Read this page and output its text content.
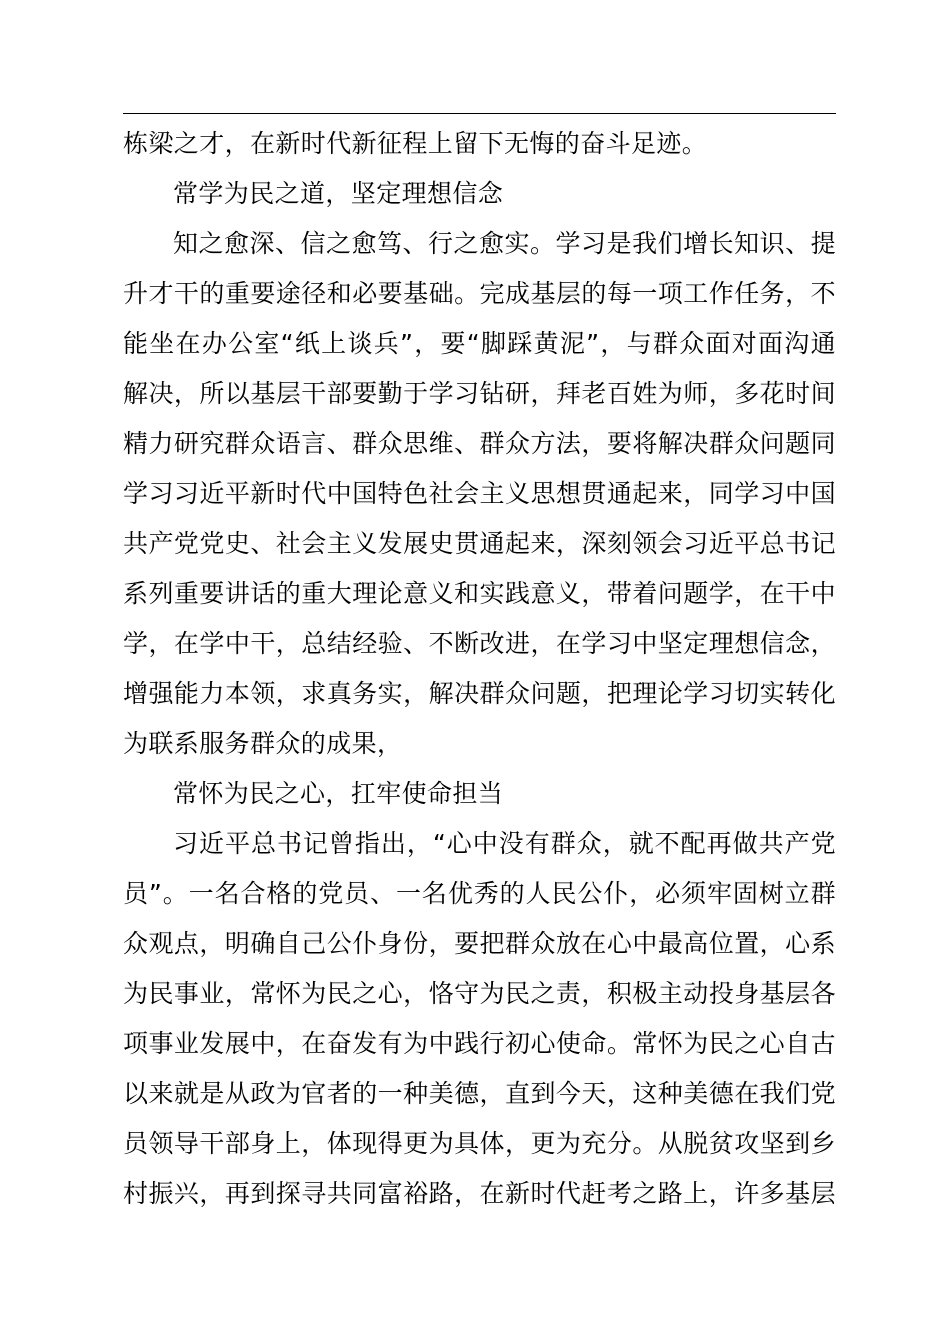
栋梁之才，在新时代新征程上留下无悔的奋斗足迹。
常学为民之道，坚定理想信念
知之愈深、信之愈笃、行之愈实。学习是我们增长知识、提
升才干的重要途径和必要基础。完成基层的每一项工作任务，不
能坐在办公室“纸上谈兵”，要“脚踩黄泥”，与群众面对面沟通
解决，所以基层干部要勤于学习钻研，拜老百姓为师，多花时间
精力研究群众语言、群众思维、群众方法，要将解决群众问题同
学习习近平新时代中国特色社会主义思想贯通起来，同学习中国
共产党党史、社会主义发展史贯通起来，深刻领会习近平总书记
系列重要讲话的重大理论意义和实践意义，带着问题学，在干中
学，在学中干，总结经验、不断改进，在学习中坚定理想信念，
增强能力本领，求真务实，解决群众问题，把理论学习切实转化
为联系服务群众的成果，
常怀为民之心，扛牢使命担当
习近平总书记曾指出，“心中没有群众，就不配再做共产党
员”。一名合格的党员、一名优秀的人民公仆，必须牢固树立群
众观点，明确自己公仆身份，要把群众放在心中最高位置，心系
为民事业，常怀为民之心，恪守为民之责，积极主动投身基层各
项事业发展中，在奋发有为中践行初心使命。常怀为民之心自古
以来就是从政为官者的一种美德，直到今天，这种美德在我们党
员领导干部身上，体现得更为具体，更为充分。从脱贫攻坚到乡
村振兴，再到探寻共同富裕路，在新时代赶考之路上，许多基层
